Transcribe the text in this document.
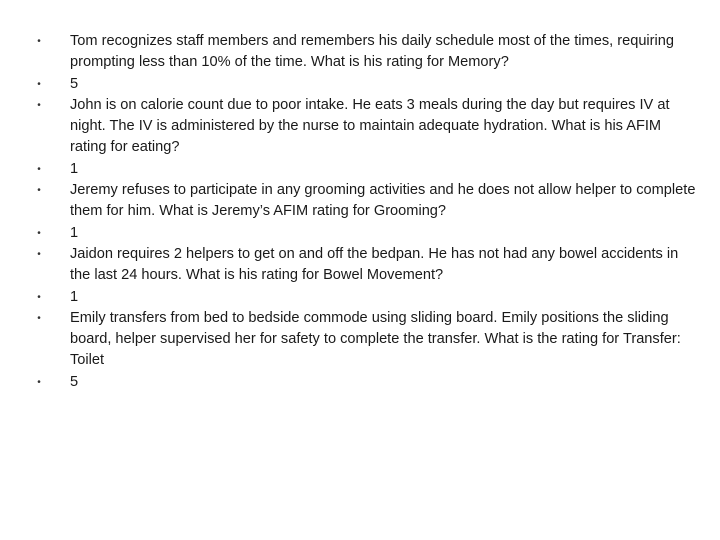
• Tom recognizes staff members and remembers his daily schedule most of the times, requiring prompting less than 10% of the time. What is his rating for Memory?
• 5
• John is on calorie count due to poor intake. He eats 3 meals during the day but requires IV at night. The IV is administered by the nurse to maintain adequate hydration. What is his AFIM rating for eating?
• 1
• Jeremy refuses to participate in any grooming activities and he does not allow helper to complete them for him. What is Jeremy’s AFIM rating for Grooming?
• 1
• Jaidon requires 2 helpers to get on and off the bedpan. He has not had any bowel accidents in the last 24 hours. What is his rating for Bowel Movement?
• 1
• Emily transfers from bed to bedside commode using sliding board. Emily positions the sliding board, helper supervised her for safety to complete the transfer. What is the rating for Transfer: Toilet
• 5
